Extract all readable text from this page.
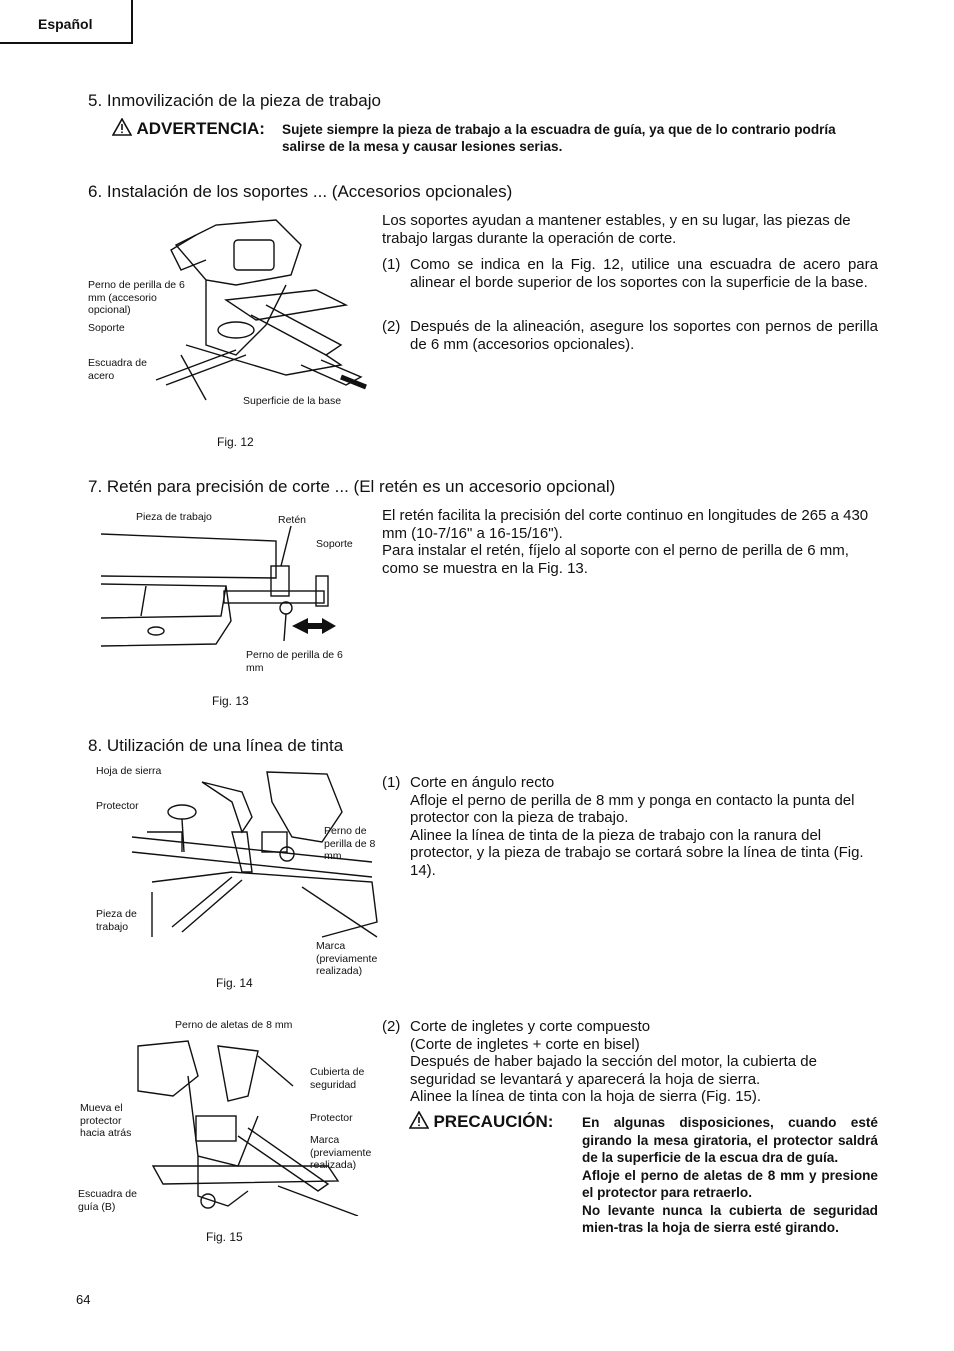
Español
5. Inmovilización de la pieza de trabajo
ADVERTENCIA: Sujete siempre la pieza de trabajo a la escuadra de guía, ya que de lo contrario podría salirse de la mesa y causar lesiones serias.
6. Instalación de los soportes ... (Accesorios opcionales)
Perno de perilla de 6 mm (accesorio opcional)
Soporte
Escuadra de acero
Superficie de la base
Fig. 12
Los soportes ayudan a mantener estables, y en su lugar, las piezas de trabajo largas durante la operación de corte.
(1) Como se indica en la Fig. 12, utilice una escuadra de acero para alinear el borde superior de los soportes con la superficie de la base.
(2) Después de la alineación, asegure los soportes con pernos de perilla de 6 mm (accesorios opcionales).
7. Retén para precisión de corte ... (El retén es un accesorio opcional)
Pieza de trabajo	Retén
Soporte
Perno de perilla de 6 mm
Fig. 13
El retén facilita la precisión del corte continuo en longitudes de 265 a 430 mm (10-7/16" a 16-15/16").
Para instalar el retén, fíjelo al soporte con el perno de perilla de 6 mm, como se muestra en la Fig. 13.
8. Utilización de una línea de tinta
Hoja de sierra
Protector
Perno de perilla de 8 mm
Pieza de trabajo
Marca (previamente realizada)
Fig. 14
(1) Corte en ángulo recto
Afloje el perno de perilla de 8 mm y ponga en contacto la punta del protector con la pieza de trabajo.
Alinee la línea de tinta de la pieza de trabajo con la ranura del protector, y la pieza de trabajo se cortará sobre la línea de tinta (Fig. 14).
Perno de aletas de 8 mm
Cubierta de seguridad
Mueva el protector hacia atrás
Protector
Marca (previamente realizada)
Escuadra de guía (B)
Fig. 15
(2) Corte de ingletes y corte compuesto
(Corte de ingletes + corte en bisel)
Después de haber bajado la sección del motor, la cubierta de seguridad se levantará y aparecerá la hoja de sierra.
Alinee la línea de tinta con la hoja de sierra (Fig. 15).
PRECAUCIÓN: En algunas disposiciones, cuando esté girando la mesa giratoria, el protector saldrá de la superficie de la escua dra de guía.
Afloje el perno de aletas de 8 mm y presione el protector para retraerlo.
No levante nunca la cubierta de seguridad mien-tras la hoja de sierra esté girando.
64
